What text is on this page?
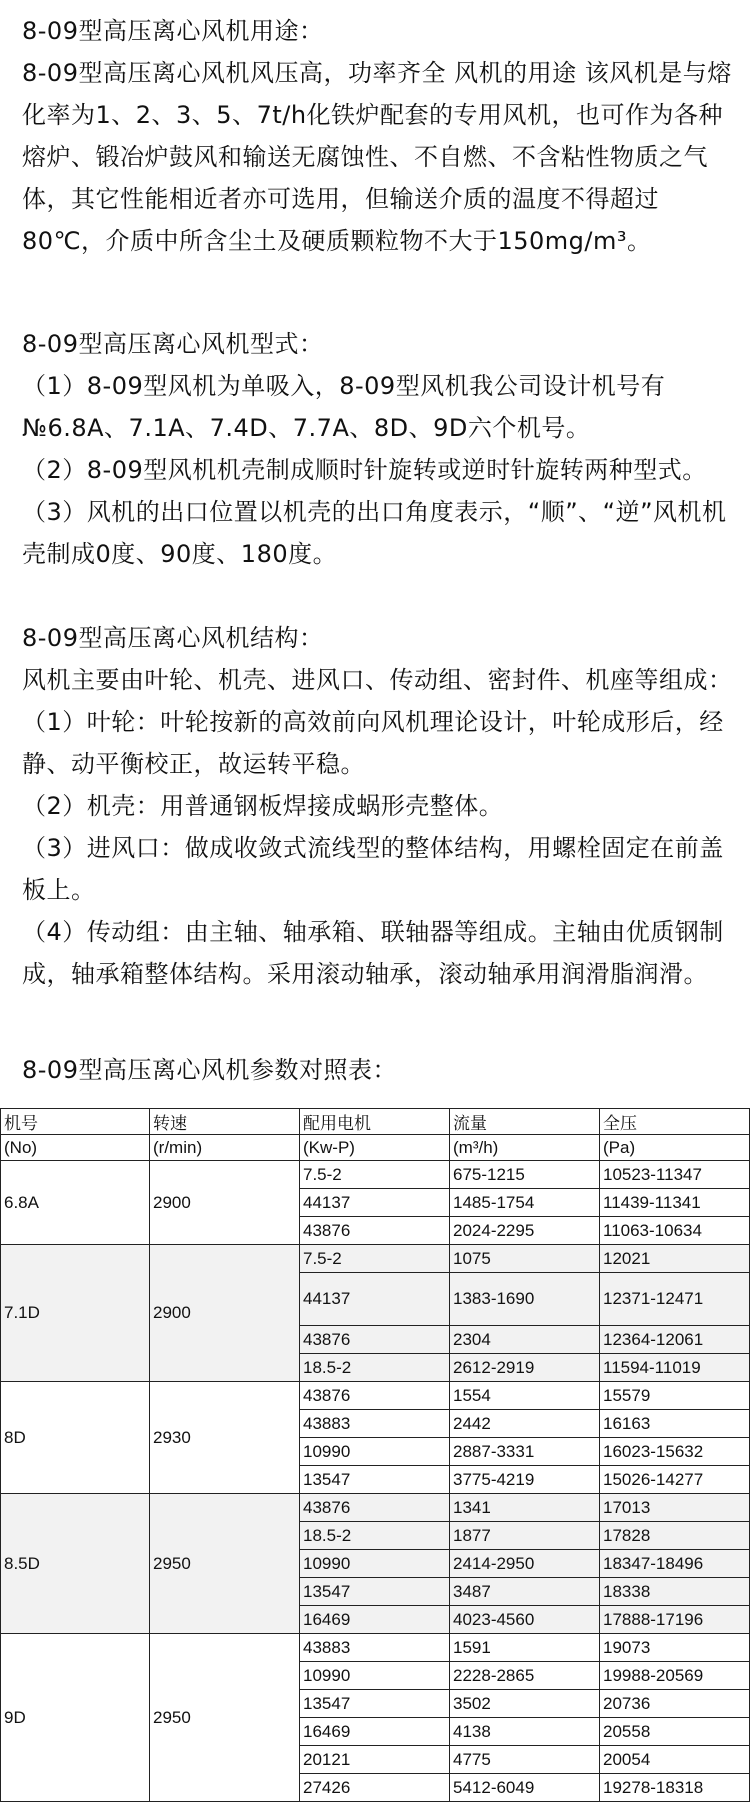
8-09型高压离心风机用途：
8-09型高压离心风机风压高，功率齐全 风机的用途 该风机是与熔化率为1、2、3、5、7t/h化铁炉配套的专用风机，也可作为各种熔炉、锻冶炉鼓风和输送无腐蚀性、不自燃、不含粘性物质之气体，其它性能相近者亦可选用，但输送介质的温度不得超过80℃，介质中所含尘土及硬质颗粒物不大于150mg/m³。
8-09型高压离心风机型式：
（1）8-09型风机为单吸入，8-09型风机我公司设计机号有№6.8A、7.1A、7.4D、7.7A、8D、9D六个机号。
（2）8-09型风机机壳制成顺时针旋转或逆时针旋转两种型式。
（3）风机的出口位置以机壳的出口角度表示，“顺”、“逆”风机机壳制成0度、90度、180度。
8-09型高压离心风机结构：
风机主要由叶轮、机壳、进风口、传动组、密封件、机座等组成：
（1）叶轮：叶轮按新的高效前向风机理论设计，叶轮成形后，经静、动平衡校正，故运转平稳。
（2）机壳：用普通钢板焊接成蜗形壳整体。
（3）进风口：做成收敛式流线型的整体结构，用螺栓固定在前盖板上。
（4）传动组：由主轴、轴承箱、联轴器等组成。主轴由优质钢制成，轴承箱整体结构。采用滚动轴承，滚动轴承用润滑脂润滑。
8-09型高压离心风机参数对照表：
机号	转速	配用电机	流量	全压
(No)	(r/min)	(Kw-P)	(m³/h)	(Pa)
6.8A	2900	7.5-2	675-1215	10523-11347
		44137	1485-1754	11439-11341
		43876	2024-2295	11063-10634
7.1D	2900	7.5-2	1075	12021
		44137	1383-1690	12371-12471
		43876	2304	12364-12061
		18.5-2	2612-2919	11594-11019
8D	2930	43876	1554	15579
		43883	2442	16163
		10990	2887-3331	16023-15632
		13547	3775-4219	15026-14277
8.5D	2950	43876	1341	17013
		18.5-2	1877	17828
		10990	2414-2950	18347-18496
		13547	3487	18338
		16469	4023-4560	17888-17196
9D	2950	43883	1591	19073
		10990	2228-2865	19988-20569
		13547	3502	20736
		16469	4138	20558
		20121	4775	20054
		27426	5412-6049	19278-18318
